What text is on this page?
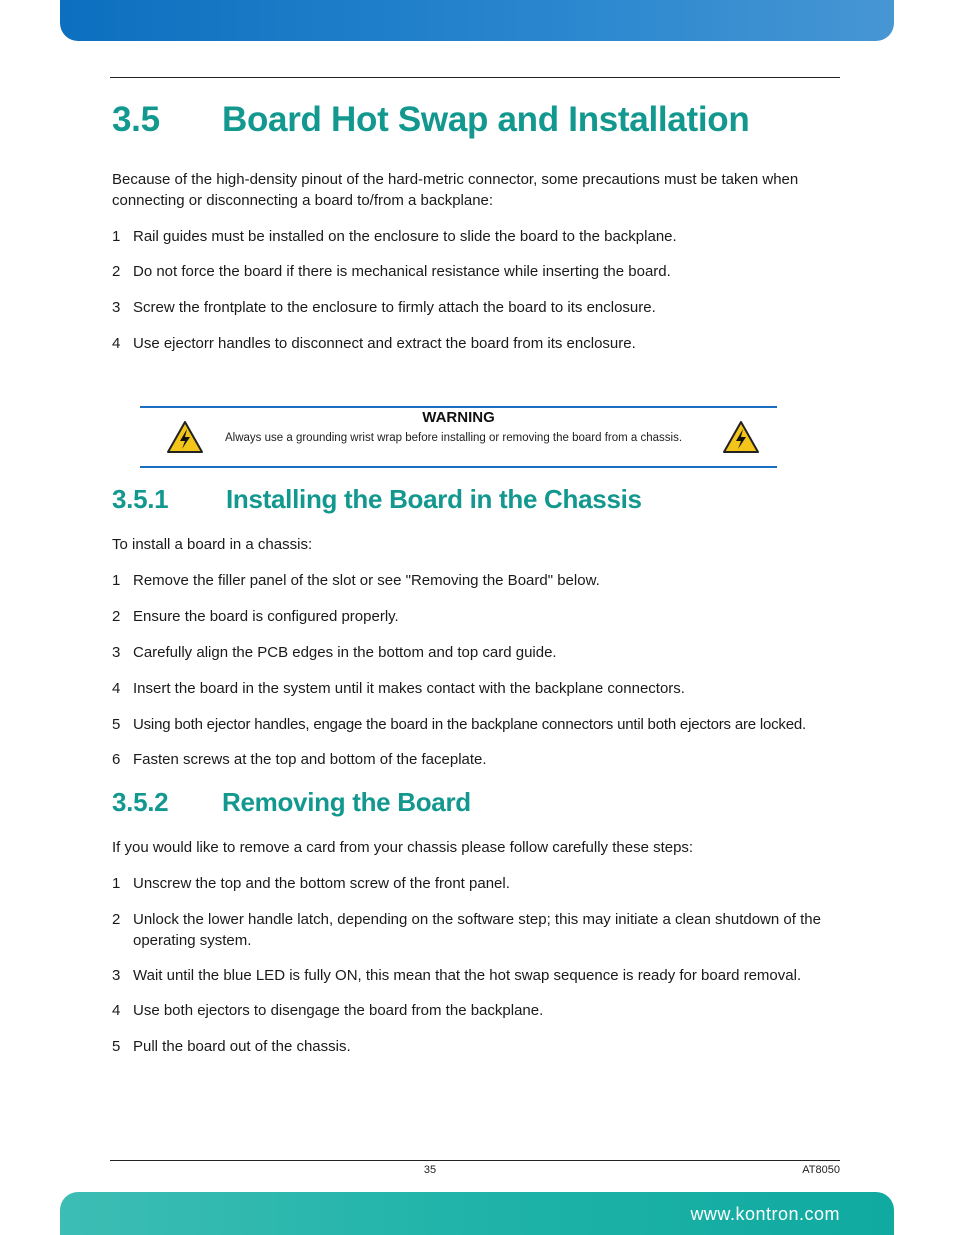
3.5 Board Hot Swap and Installation

Because of the high-density pinout of the hard-metric connector, some precautions must be taken when connecting or disconnecting a board to/from a backplane:

1 Rail guides must be installed on the enclosure to slide the board to the backplane.
2 Do not force the board if there is mechanical resistance while inserting the board.
3 Screw the frontplate to the enclosure to firmly attach the board to its enclosure.
4 Use ejectorr handles to disconnect and extract the board from its enclosure.
WARNING
Always use a grounding wrist wrap before installing or removing the board from a chassis.
3.5.1 Installing the Board in the Chassis

To install a board in a chassis:

1 Remove the filler panel of the slot or see "Removing the Board" below.
2 Ensure the board is configured properly.
3 Carefully align the PCB edges in the bottom and top card guide.
4 Insert the board in the system until it makes contact with the backplane connectors.
5 Using both ejector handles, engage the board in the backplane connectors until both ejectors are locked.
6 Fasten screws at the top and bottom of the faceplate.
3.5.2 Removing the Board

If you would like to remove a card from your chassis please follow carefully these steps:

1 Unscrew the top and the bottom screw of the front panel.
2 Unlock the lower handle latch, depending on the software step; this may initiate a clean shutdown of the operating system.
3 Wait until the blue LED is fully ON, this mean that the hot swap sequence is ready for board removal.
4 Use both ejectors to disengage the board from the backplane.
5 Pull the board out of the chassis.
35	AT8050
www.kontron.com
